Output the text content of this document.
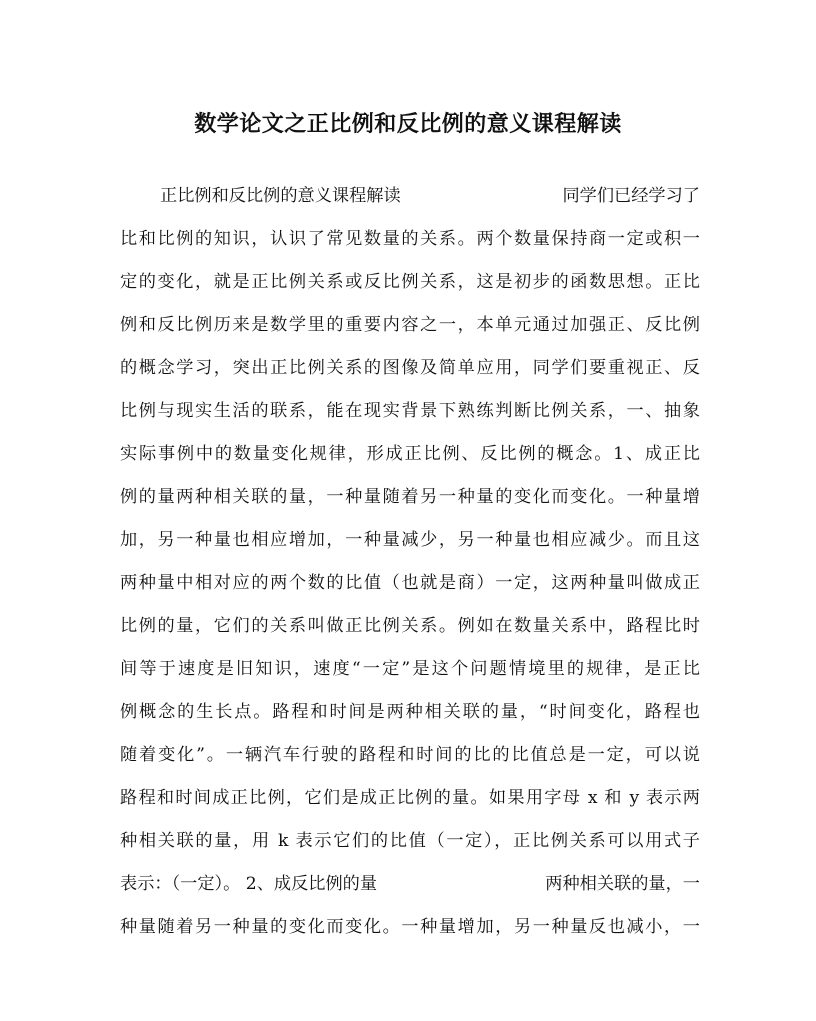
数学论文之正比例和反比例的意义课程解读
正比例和反比例的意义课程解读	同学们已经学习了
比和比例的知识，认识了常见数量的关系。两个数量保持商一定或积一
定的变化，就是正比例关系或反比例关系，这是初步的函数思想。正比
例和反比例历来是数学里的重要内容之一，本单元通过加强正、反比例
的概念学习，突出正比例关系的图像及简单应用，同学们要重视正、反
比例与现实生活的联系，能在现实背景下熟练判断比例关系，一、抽象
实际事例中的数量变化规律，形成正比例、反比例的概念。1、成正比
例的量两种相关联的量，一种量随着另一种量的变化而变化。一种量增
加，另一种量也相应增加，一种量减少，另一种量也相应减少。而且这
两种量中相对应的两个数的比值（也就是商）一定，这两种量叫做成正
比例的量，它们的关系叫做正比例关系。例如在数量关系中，路程比时
间等于速度是旧知识，速度“一定”是这个问题情境里的规律，是正比
例概念的生长点。路程和时间是两种相关联的量，“时间变化，路程也
随着变化”。一辆汽车行驶的路程和时间的比的比值总是一定，可以说
路程和时间成正比例，它们是成正比例的量。如果用字母 x 和 y 表示两
种相关联的量，用 k 表示它们的比值（一定），正比例关系可以用式子
表示：（一定）。 2、成反比例的量	两种相关联的量，一
种量随着另一种量的变化而变化。一种量增加，另一种量反也减小，一
